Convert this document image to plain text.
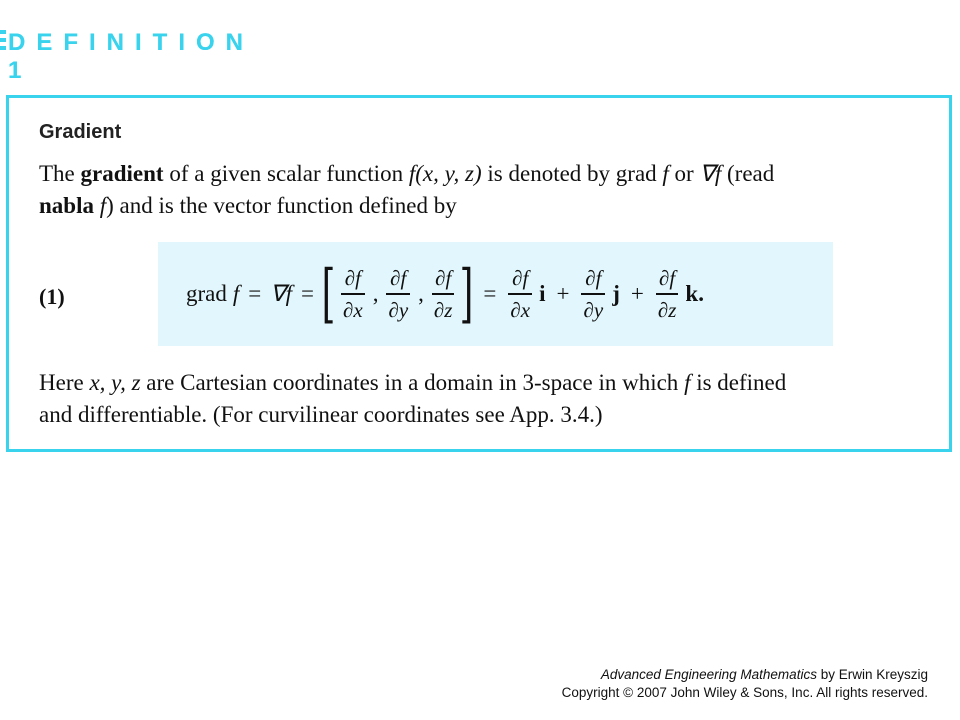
DEFINITION 1
Gradient
The gradient of a given scalar function f(x, y, z) is denoted by grad f or ∇f (read
nabla f) and is the vector function defined by
(1)	grad f = ∇f = [ $\frac{\partial f}{\partial x}$ , $\frac{\partial f}{\partial y}$ , $\frac{\partial f}{\partial z}$ ] = $\frac{\partial f}{\partial x}$ $i + \frac{\partial f}{\partial y}$ $j + \frac{\partial f}{\partial z} k$.
Here x, y, z are Cartesian coordinates in a domain in 3-space in which f is defined
and differentiable. (For curvilinear coordinates see App. 3.4.)
Advanced Engineering Mathematics by Erwin Kreyszig
Copyright © 2007 John Wiley & Sons, Inc. All rights reserved.
